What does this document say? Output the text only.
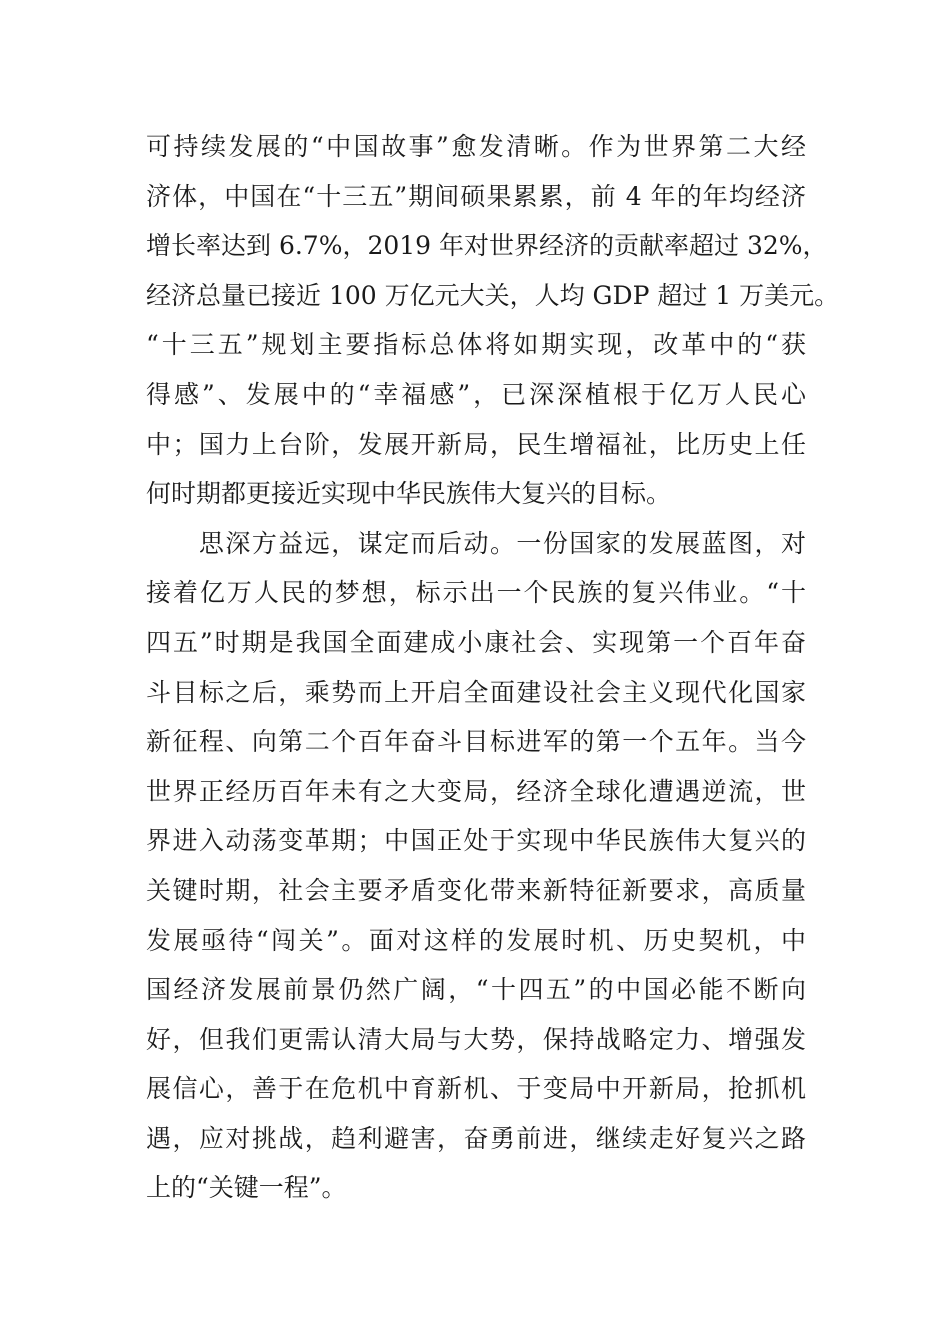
可持续发展的“中国故事”愈发清晰。作为世界第二大经
济体，中国在“十三五”期间硕果累累，前 4 年的年均经济
增长率达到 6.7%，2019 年对世界经济的贡献率超过 32%，
经济总量已接近 100 万亿元大关，人均 GDP 超过 1 万美元。
“十三五”规划主要指标总体将如期实现，改革中的“获
得感”、发展中的“幸福感”，已深深植根于亿万人民心
中；国力上台阶，发展开新局，民生增福祉，比历史上任
何时期都更接近实现中华民族伟大复兴的目标。
　　思深方益远，谋定而后动。一份国家的发展蓝图，对
接着亿万人民的梦想，标示出一个民族的复兴伟业。“十
四五”时期是我国全面建成小康社会、实现第一个百年奋
斗目标之后，乘势而上开启全面建设社会主义现代化国家
新征程、向第二个百年奋斗目标进军的第一个五年。当今
世界正经历百年未有之大变局，经济全球化遭遇逆流，世
界进入动荡变革期；中国正处于实现中华民族伟大复兴的
关键时期，社会主要矛盾变化带来新特征新要求，高质量
发展亟待“闯关”。面对这样的发展时机、历史契机，中
国经济发展前景仍然广阔，“十四五”的中国必能不断向
好，但我们更需认清大局与大势，保持战略定力、增强发
展信心，善于在危机中育新机、于变局中开新局，抢抓机
遇，应对挑战，趋利避害，奋勇前进，继续走好复兴之路
上的“关键一程”。
